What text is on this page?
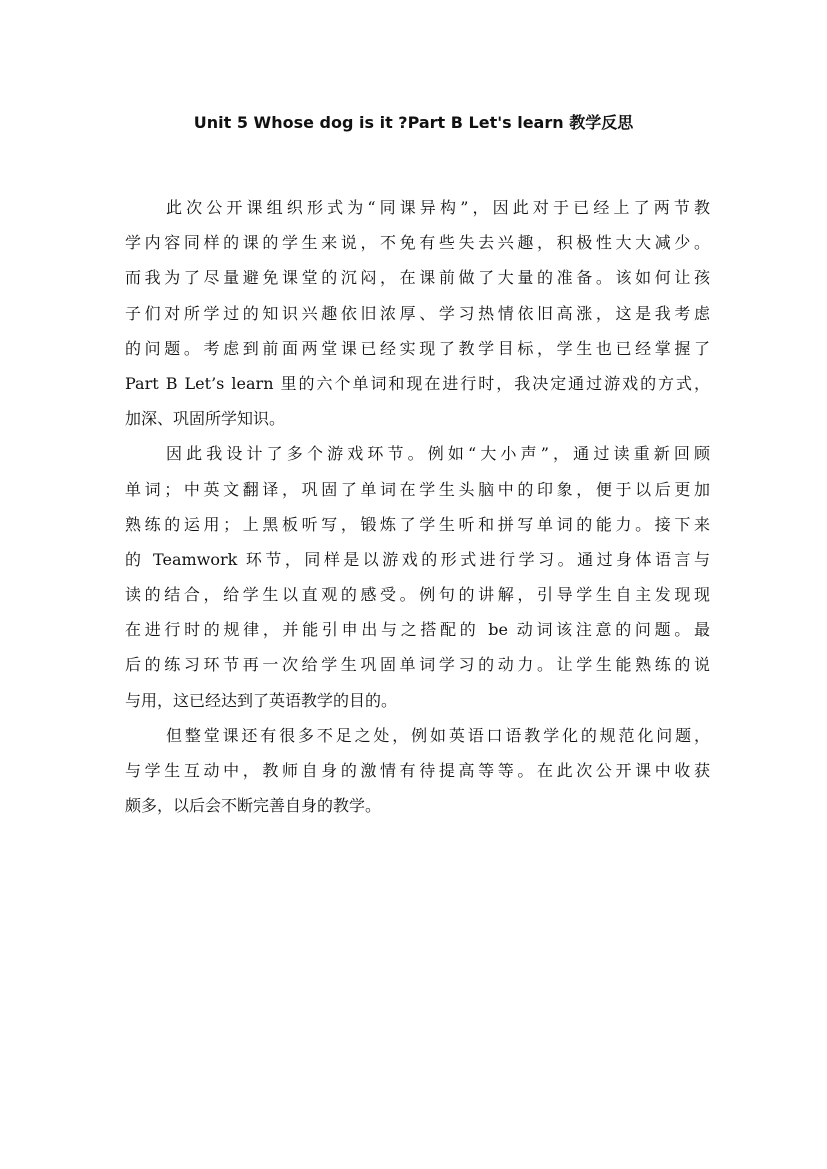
Unit 5 Whose dog is it ?Part B Let's learn 教学反思
此次公开课组织形式为“同课异构”，因此对于已经上了两节教
学内容同样的课的学生来说，不免有些失去兴趣，积极性大大减少。
而我为了尽量避免课堂的沉闷，在课前做了大量的准备。该如何让孩
子们对所学过的知识兴趣依旧浓厚、学习热情依旧高涨，这是我考虑
的问题。考虑到前面两堂课已经实现了教学目标，学生也已经掌握了
Part B Let’s learn 里的六个单词和现在进行时，我决定通过游戏的方式，
加深、巩固所学知识。
因此我设计了多个游戏环节。例如“大小声”，通过读重新回顾
单词；中英文翻译，巩固了单词在学生头脑中的印象，便于以后更加
熟练的运用；上黑板听写，锻炼了学生听和拼写单词的能力。接下来
的 Teamwork 环节，同样是以游戏的形式进行学习。通过身体语言与
读的结合，给学生以直观的感受。例句的讲解，引导学生自主发现现
在进行时的规律，并能引申出与之搭配的 be 动词该注意的问题。最
后的练习环节再一次给学生巩固单词学习的动力。让学生能熟练的说
与用，这已经达到了英语教学的目的。
但整堂课还有很多不足之处，例如英语口语教学化的规范化问题，
与学生互动中，教师自身的激情有待提高等等。在此次公开课中收获
颇多，以后会不断完善自身的教学。
